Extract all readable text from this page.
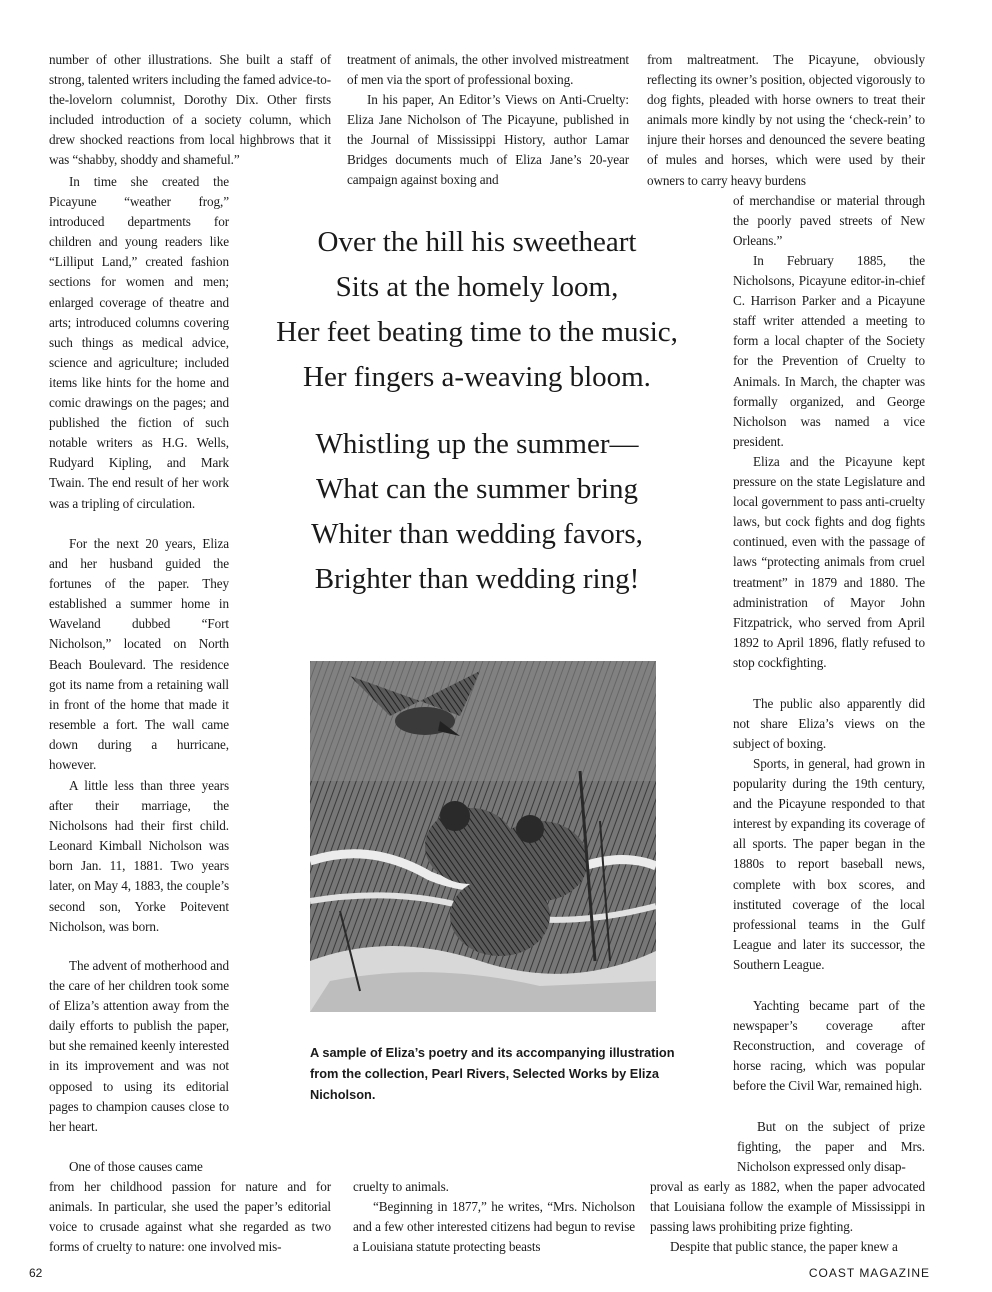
number of other illustrations. She built a staff of strong, talented writers including the famed advice-to-the-lovelorn columnist, Dorothy Dix. Other firsts included introduction of a society column, which drew shocked reactions from local highbrows that it was “shabby, shoddy and shameful.”

In time she created the Picayune “weather frog,” introduced departments for children and young readers like “Lilliput Land,” created fashion sections for women and men; enlarged coverage of theatre and arts; introduced columns covering such things as medical advice, science and agriculture; included items like hints for the home and comic drawings on the pages; and published the fiction of such notable writers as H.G. Wells, Rudyard Kipling, and Mark Twain. The end result of her work was a tripling of circulation.

For the next 20 years, Eliza and her husband guided the fortunes of the paper. They established a summer home in Waveland dubbed “Fort Nicholson,” located on North Beach Boulevard. The residence got its name from a retaining wall in front of the home that made it resemble a fort. The wall came down during a hurricane, however.

A little less than three years after their marriage, the Nicholsons had their first child. Leonard Kimball Nicholson was born Jan. 11, 1881. Two years later, on May 4, 1883, the couple’s second son, Yorke Poitevent Nicholson, was born.

The advent of motherhood and the care of her children took some of Eliza’s attention away from the daily efforts to publish the paper, but she remained keenly interested in its improvement and was not opposed to using its editorial pages to champion causes close to her heart.

One of those causes came

from her childhood passion for nature and for animals. In particular, she used the paper’s editorial voice to crusade against what she regarded as two forms of cruelty to nature: one involved mis-

treatment of animals, the other involved mistreatment of men via the sport of professional boxing.

In his paper, An Editor’s Views on Anti-Cruelty: Eliza Jane Nicholson of The Picayune, published in the Journal of Mississippi History, author Lamar Bridges documents much of Eliza Jane’s 20-year campaign against boxing and

cruelty to animals.

“Beginning in 1877,” he writes, “Mrs. Nicholson and a few other interested citizens had begun to revise a Louisiana statute protecting beasts

from maltreatment. The Picayune, obviously reflecting its owner’s position, objected vigorously to dog fights, pleaded with horse owners to treat their animals more kindly by not using the ‘check-rein’ to injure their horses and denounced the severe beating of mules and horses, which were used by their owners to carry heavy burdens

of merchandise or material through the poorly paved streets of New Orleans.”

In February 1885, the Nicholsons, Picayune editor-in-chief C. Harrison Parker and a Picayune staff writer attended a meeting to form a local chapter of the Society for the Prevention of Cruelty to Animals. In March, the chapter was formally organized, and George Nicholson was named a vice president.

Eliza and the Picayune kept pressure on the state Legislature and local government to pass anti-cruelty laws, but cock fights and dog fights continued, even with the passage of laws “protecting animals from cruel treatment” in 1879 and 1880. The administration of Mayor John Fitzpatrick, who served from April 1892 to April 1896, flatly refused to stop cockfighting.

The public also apparently did not share Eliza’s views on the subject of boxing.

Sports, in general, had grown in popularity during the 19th century, and the Picayune responded to that interest by expanding its coverage of all sports. The paper began in the 1880s to report baseball news, complete with box scores, and instituted coverage of the local professional teams in the Gulf League and later its successor, the Southern League.

Yachting became part of the newspaper’s coverage after Reconstruction, and coverage of horse racing, which was popular before the Civil War, remained high.

But on the subject of prize fighting, the paper and Mrs. Nicholson expressed only disap-

proval as early as 1882, when the paper advocated that Louisiana follow the example of Mississippi in passing laws prohibiting prize fighting.

Despite that public stance, the paper knew a

Over the hill his sweetheart
Sits at the homely loom,
Her feet beating time to the music,
Her fingers a-weaving bloom.
Whistling up the summer—
What can the summer bring
Whiter than wedding favors,
Brighter than wedding ring!

A sample of Eliza’s poetry and its accompanying illustration from the collection, Pearl Rivers, Selected Works by Eliza Nicholson.

62	COAST MAGAZINE
